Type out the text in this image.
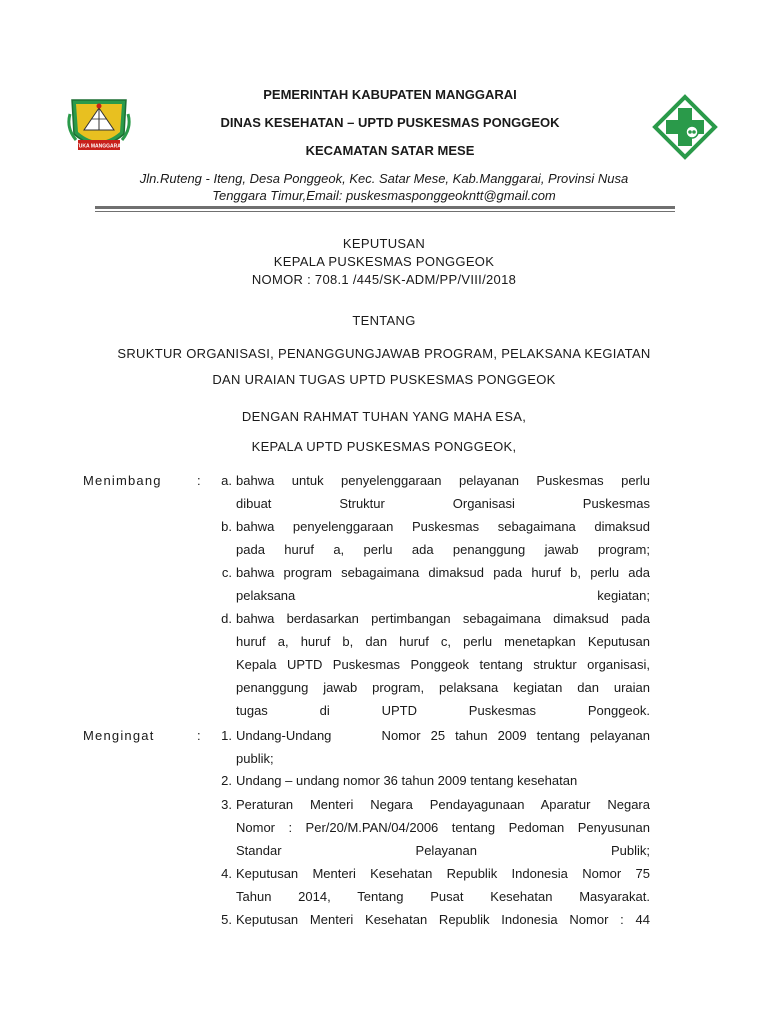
TUKA MANGGARAI
PEMERINTAH KABUPATEN MANGGARAI
DINAS KESEHATAN – UPTD PUSKESMAS PONGGEOK
KECAMATAN SATAR MESE
Jln.Ruteng - Iteng, Desa Ponggeok, Kec. Satar Mese, Kab.Manggarai, Provinsi Nusa
Tenggara Timur,Email: puskesmasponggeokntt@gmail.com
KEPUTUSAN
KEPALA PUSKESMAS PONGGEOK
NOMOR : 708.1 /445/SK-ADM/PP/VIII/2018
TENTANG
SRUKTUR ORGANISASI, PENANGGUNGJAWAB PROGRAM, PELAKSANA KEGIATAN
DAN URAIAN TUGAS UPTD PUSKESMAS PONGGEOK
DENGAN RAHMAT TUHAN YANG MAHA ESA,
KEPALA UPTD PUSKESMAS PONGGEOK,
Menimbang	:	a. bahwa untuk penyelenggaraan pelayanan Puskesmas perlu
dibuat Struktur Organisasi Puskesmas
b. bahwa penyelenggaraan Puskesmas sebagaimana dimaksud
pada huruf a, perlu ada penanggung jawab program;
c. bahwa program sebagaimana dimaksud pada huruf b, perlu ada
pelaksana kegiatan;
d. bahwa berdasarkan pertimbangan sebagaimana dimaksud pada
huruf a, huruf b, dan huruf c, perlu menetapkan Keputusan
Kepala UPTD Puskesmas Ponggeok tentang struktur organisasi,
penanggung jawab program, pelaksana kegiatan dan uraian
tugas di UPTD Puskesmas Ponggeok.
Mengingat	:	1. Undang-Undang     Nomor 25 tahun 2009 tentang pelayanan
publik;
2. Undang – undang nomor 36 tahun 2009 tentang kesehatan
3. Peraturan Menteri Negara Pendayagunaan Aparatur Negara
Nomor : Per/20/M.PAN/04/2006 tentang Pedoman Penyusunan
Standar Pelayanan Publik;
4. Keputusan Menteri Kesehatan Republik Indonesia Nomor 75
Tahun 2014, Tentang Pusat Kesehatan Masyarakat.
5. Keputusan Menteri Kesehatan Republik Indonesia Nomor : 44
